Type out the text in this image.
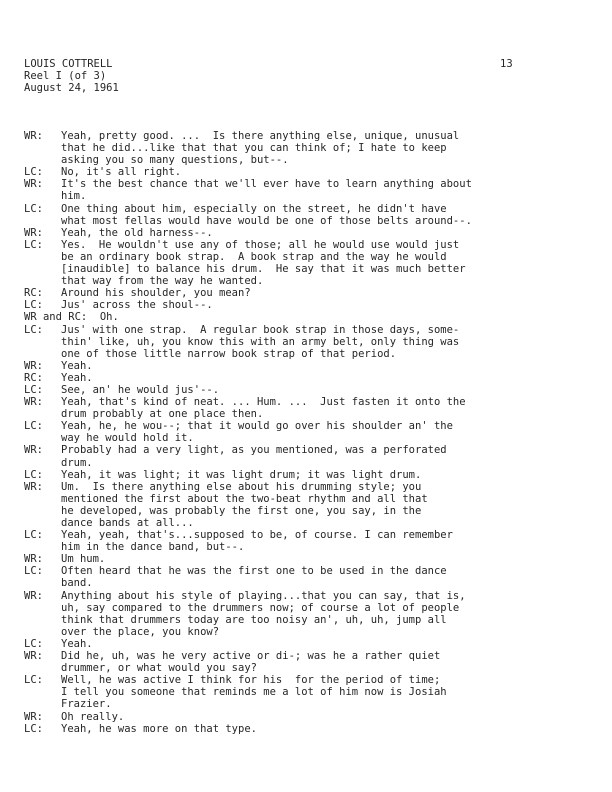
LOUIS COTTRELL
Reel I (of 3)
August 24, 1961
13
WR:	Yeah, pretty good. ...  Is there anything else, unique, unusual
that he did...like that that you can think of; I hate to keep
asking you so many questions, but--.
LC:	No, it's all right.
WR:	It's the best chance that we'll ever have to learn anything about
him.
LC:	One thing about him, especially on the street, he didn't have
what most fellas would have would be one of those belts around--.
WR:	Yeah, the old harness--.
LC:	Yes.  He wouldn't use any of those; all he would use would just
be an ordinary book strap.  A book strap and the way he would
[inaudible] to balance his drum.  He say that it was much better
that way from the way he wanted.
RC:	Around his shoulder, you mean?
LC:	Jus' across the shoul--.
WR and RC:  Oh.
LC:	Jus' with one strap.  A regular book strap in those days, some-
thin' like, uh, you know this with an army belt, only thing was
one of those little narrow book strap of that period.
WR:	Yeah.
RC:	Yeah.
LC:	See, an' he would jus'--.
WR:	Yeah, that's kind of neat. ... Hum. ...  Just fasten it onto the
drum probably at one place then.
LC:	Yeah, he, he wou--; that it would go over his shoulder an' the
way he would hold it.
WR:	Probably had a very light, as you mentioned, was a perforated
drum.
LC:	Yeah, it was light; it was light drum; it was light drum.
WR:	Um.  Is there anything else about his drumming style; you
mentioned the first about the two-beat rhythm and all that
he developed, was probably the first one, you say, in the
dance bands at all...
LC:	Yeah, yeah, that's...supposed to be, of course. I can remember
him in the dance band, but--.
WR:	Um hum.
LC:	Often heard that he was the first one to be used in the dance
band.
WR:	Anything about his style of playing...that you can say, that is,
uh, say compared to the drummers now; of course a lot of people
think that drummers today are too noisy an', uh, uh, jump all
over the place, you know?
LC:	Yeah.
WR:	Did he, uh, was he very active or di-; was he a rather quiet
drummer, or what would you say?
LC:	Well, he was active I think for his  for the period of time;
I tell you someone that reminds me a lot of him now is Josiah
Frazier.
WR:	Oh really.
LC:	Yeah, he was more on that type.
